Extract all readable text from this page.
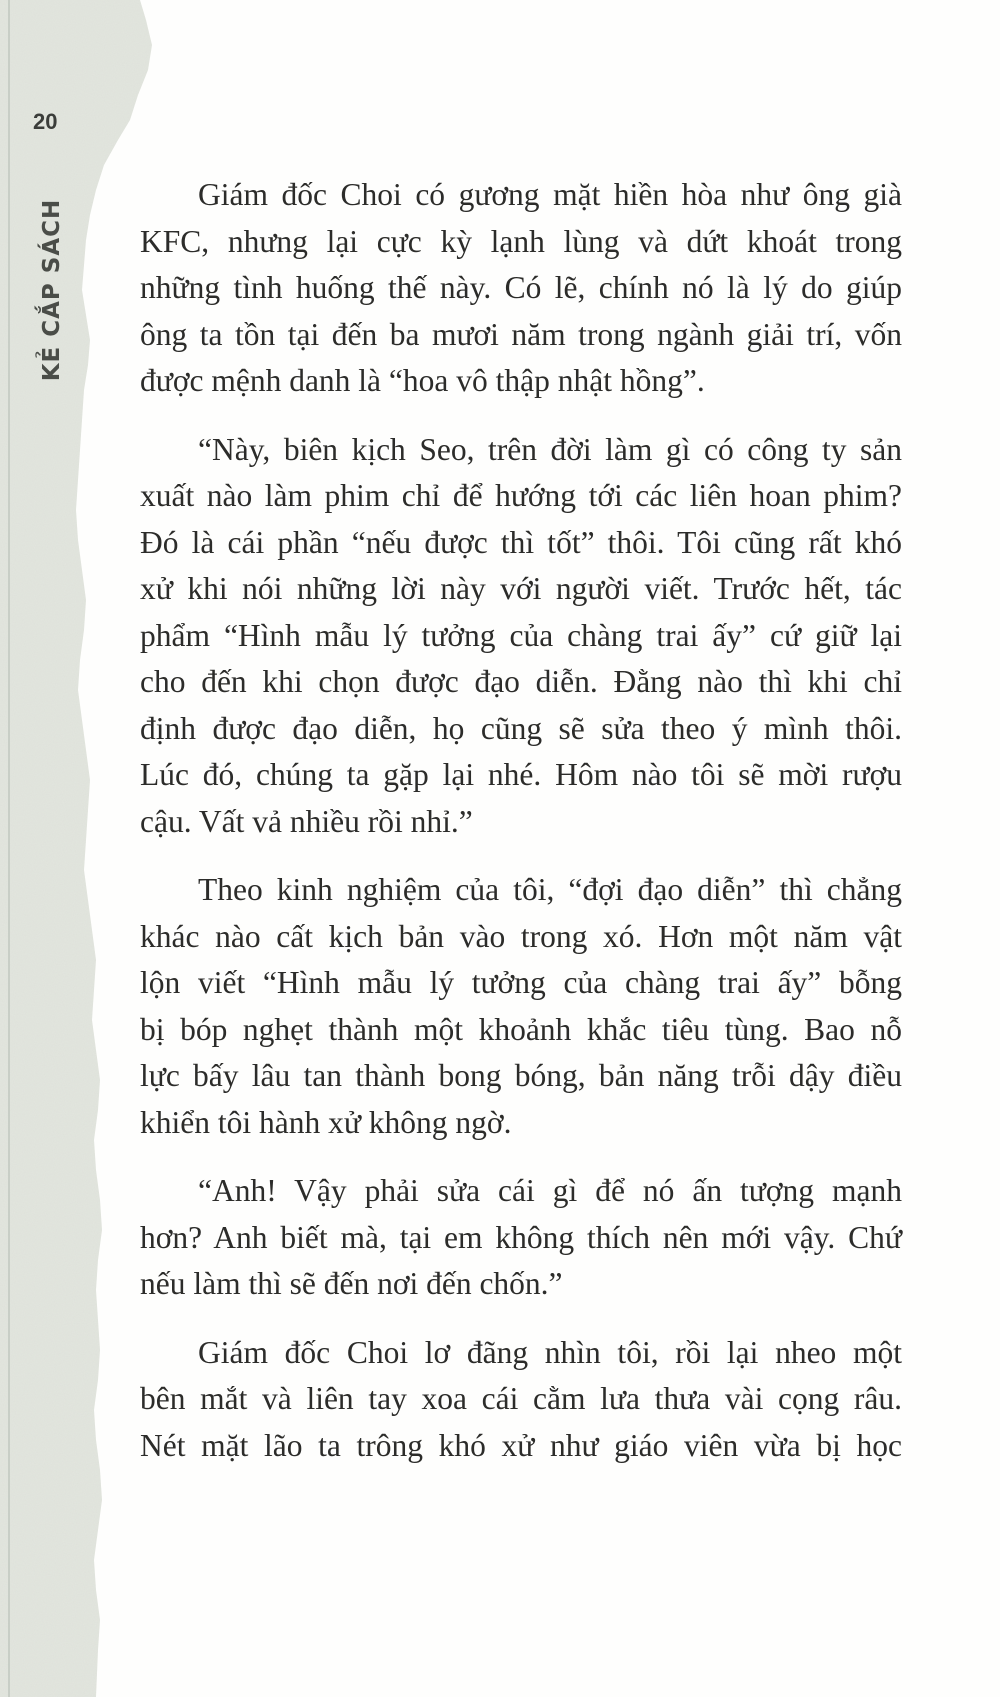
20
KẺ CẮP SÁCH
Giám đốc Choi có gương mặt hiền hòa như ông già
KFC, nhưng lại cực kỳ lạnh lùng và dứt khoát trong
những tình huống thế này. Có lẽ, chính nó là lý do giúp
ông ta tồn tại đến ba mươi năm trong ngành giải trí, vốn
được mệnh danh là “hoa vô thập nhật hồng”.
“Này, biên kịch Seo, trên đời làm gì có công ty sản
xuất nào làm phim chỉ để hướng tới các liên hoan phim?
Đó là cái phần “nếu được thì tốt” thôi. Tôi cũng rất khó
xử khi nói những lời này với người viết. Trước hết, tác
phẩm “Hình mẫu lý tưởng của chàng trai ấy” cứ giữ lại
cho đến khi chọn được đạo diễn. Đằng nào thì khi chỉ
định được đạo diễn, họ cũng sẽ sửa theo ý mình thôi.
Lúc đó, chúng ta gặp lại nhé. Hôm nào tôi sẽ mời rượu
cậu. Vất vả nhiều rồi nhỉ.”
Theo kinh nghiệm của tôi, “đợi đạo diễn” thì chẳng
khác nào cất kịch bản vào trong xó. Hơn một năm vật
lộn viết “Hình mẫu lý tưởng của chàng trai ấy” bỗng
bị bóp nghẹt thành một khoảnh khắc tiêu tùng. Bao nỗ
lực bấy lâu tan thành bong bóng, bản năng trỗi dậy điều
khiển tôi hành xử không ngờ.
“Anh! Vậy phải sửa cái gì để nó ấn tượng mạnh
hơn? Anh biết mà, tại em không thích nên mới vậy. Chứ
nếu làm thì sẽ đến nơi đến chốn.”
Giám đốc Choi lơ đãng nhìn tôi, rồi lại nheo một
bên mắt và liên tay xoa cái cằm lưa thưa vài cọng râu.
Nét mặt lão ta trông khó xử như giáo viên vừa bị học
